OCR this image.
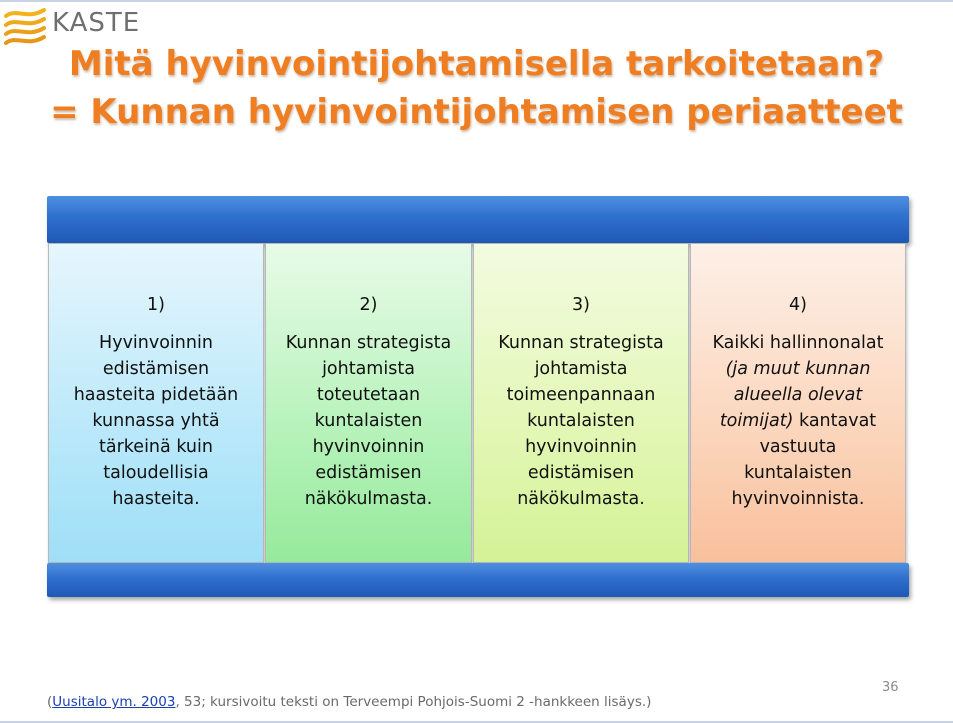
KASTE
Mitä hyvinvointijohtamisella tarkoitetaan?
= Kunnan hyvinvointijohtamisen periaatteet
1)
Hyvinvoinnin
edistämisen
haasteita pidetään
kunnassa yhtä
tärkeinä kuin
taloudellisia
haasteita.
2)
Kunnan strategista
johtamista
toteutetaan
kuntalaisten
hyvinvoinnin
edistämisen
näkökulmasta.
3)
Kunnan strategista
johtamista
toimeenpannaan
kuntalaisten
hyvinvoinnin
edistämisen
näkökulmasta.
4)
Kaikki hallinnonalat
(ja muut kunnan
alueella olevat
toimijat) kantavat
vastuuta
kuntalaisten
hyvinvoinnista.
36
(Uusitalo ym. 2003, 53; kursivoitu teksti on Terveempi Pohjois-Suomi 2 -hankkeen lisäys.)
